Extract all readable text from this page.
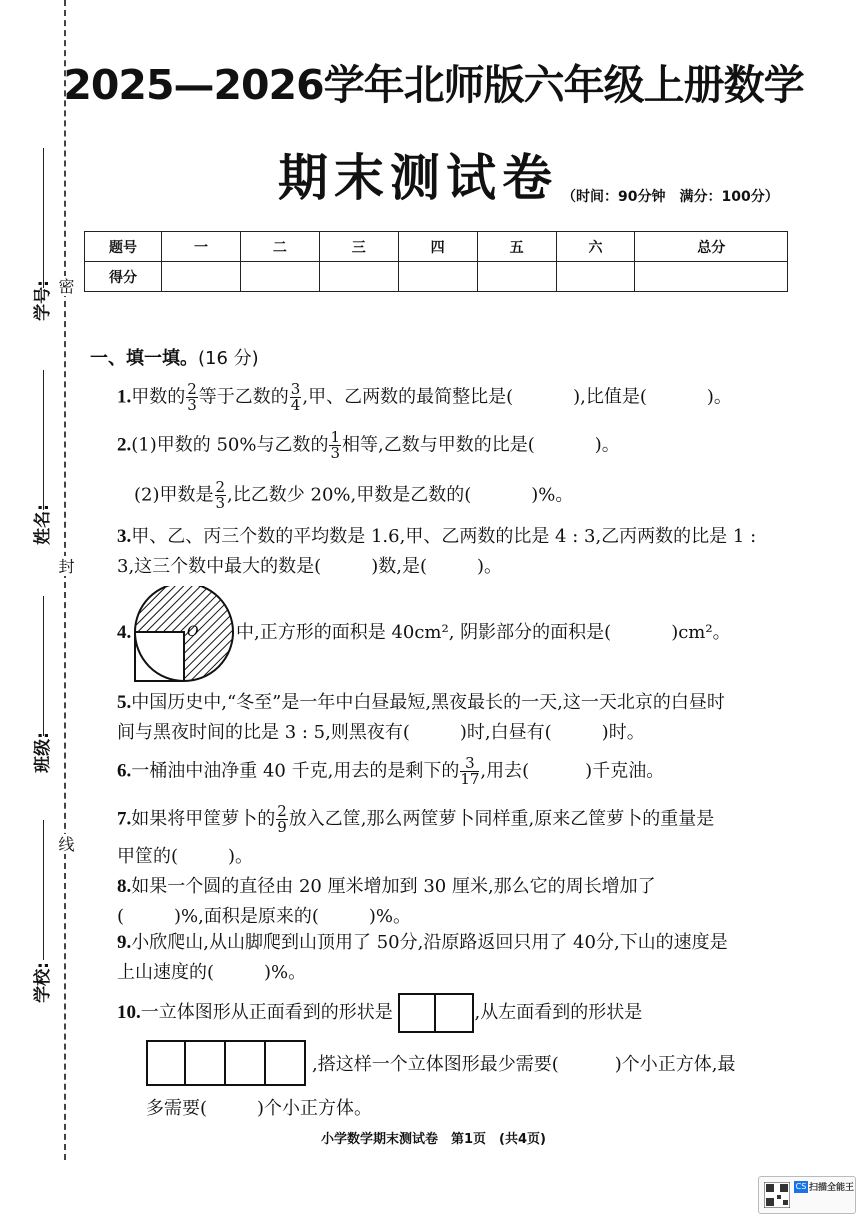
学号:
姓名:
班级:
学校:
密
封
线
2025—2026学年北师版六年级上册数学
期末测试卷 （时间：90分钟　满分：100分）
题号	一	二	三	四	五	六	总分
得分							
一、填一填。(16 分)
1.甲数的 $\frac{2}{3}$ 等于乙数的 $\frac{3}{4}$ ,甲、乙两数的最简整比是(	),比值是(	)。
2.(1)甲数的 50%与乙数的 $\frac{1}{3}$ 相等,乙数与甲数的比是(	)。
(2)甲数是 $\frac{2}{3}$ ,比乙数少 20%,甲数是乙数的(	)%。
3.甲、乙、丙三个数的平均数是 1.6,甲、乙两数的比是 4 : 3,乙丙两数的比是 1 :
3,这三个数中最大的数是(	)数,是(	)。
4.	O 中,正方形的面积是 40cm², 阴影部分的面积是(	)cm²。
5.中国历史中,“冬至”是一年中白昼最短,黑夜最长的一天,这一天北京的白昼时
间与黑夜时间的比是 3 : 5,则黑夜有(	)时,白昼有(	)时。
6.一桶油中油净重 40 千克,用去的是剩下的 $\frac{3}{17}$ ,用去(	)千克油。
7.如果将甲筐萝卜的 $\frac{2}{9}$ 放入乙筐,那么两筐萝卜同样重,原来乙筐萝卜的重量是
甲筐的(	)。
8.如果一个圆的直径由 20 厘米增加到 30 厘米,那么它的周长增加了
(	)%,面积是原来的(	)%。
9.小欣爬山,从山脚爬到山顶用了 50分,沿原路返回只用了 40分,下山的速度是
上山速度的(	)%。
10.一立体图形从正面看到的形状是	,从左面看到的形状是
,搭这样一个立体图形最少需要(	)个小正方体,最
多需要(	)个小正方体。
小学数学期末测试卷　第1页　(共4页)
CS 扫描全能王
